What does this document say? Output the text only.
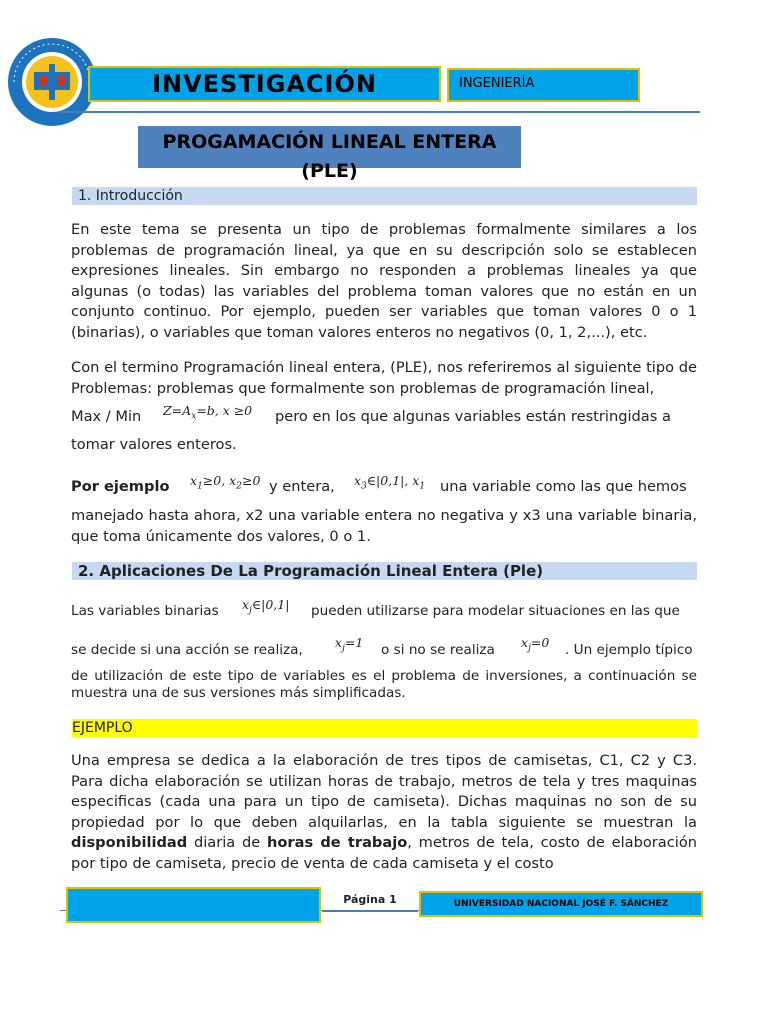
INVESTIGACIÓN	INGENIERÍA
PROGAMACIÓN LINEAL ENTERA
(PLE)
1. Introducción
En este tema se presenta un tipo de problemas formalmente similares a los problemas de programación lineal, ya que en su descripción solo se establecen expresiones lineales. Sin embargo no responden a problemas lineales ya que algunas (o todas) las variables del problema toman valores que no están en un conjunto continuo. Por ejemplo, pueden ser variables que toman valores 0 o 1 (binarias), o variables que toman valores enteros no negativos (0, 1, 2,...), etc.
Con el termino Programación lineal entera, (PLE), nos referiremos al siguiente tipo de Problemas: problemas que formalmente son problemas de programación lineal,
Max / Min $Z=A_x=b$, x ≥0 pero en los que algunas variables están restringidas a
tomar valores enteros.
Por ejemplo $x_1\ge 0$, $x_2\ge 0$ y entera, $x_3\in|0,1|$, $x_1$ una variable como las que hemos
manejado hasta ahora, x2 una variable entera no negativa y x3 una variable binaria, que toma únicamente dos valores, 0 o 1.
2. Aplicaciones De La Programación Lineal Entera (Ple)
Las variables binarias $x_j\in|0,1|$ pueden utilizarse para modelar situaciones en las que
se decide si una acción se realiza,	$x_j=1$ o si no se realiza $x_j=0$ . Un ejemplo típico
de utilización de este tipo de variables es el problema de inversiones, a continuación se muestra una de sus versiones más simplificadas.
EJEMPLO
Una empresa se dedica a la elaboración de tres tipos de camisetas, C1, C2 y C3. Para dicha elaboración se utilizan horas de trabajo, metros de tela y tres maquinas especificas (cada una para un tipo de camiseta). Dichas maquinas no son de su propiedad por lo que deben alquilarlas, en la tabla siguiente se muestran la disponibilidad diaria de horas de trabajo, metros de tela, costo de elaboración por tipo de camiseta, precio de venta de cada camiseta y el costo
Página 1	UNIVERSIDAD NACIONAL JOSÉ F. SÁNCHEZ
